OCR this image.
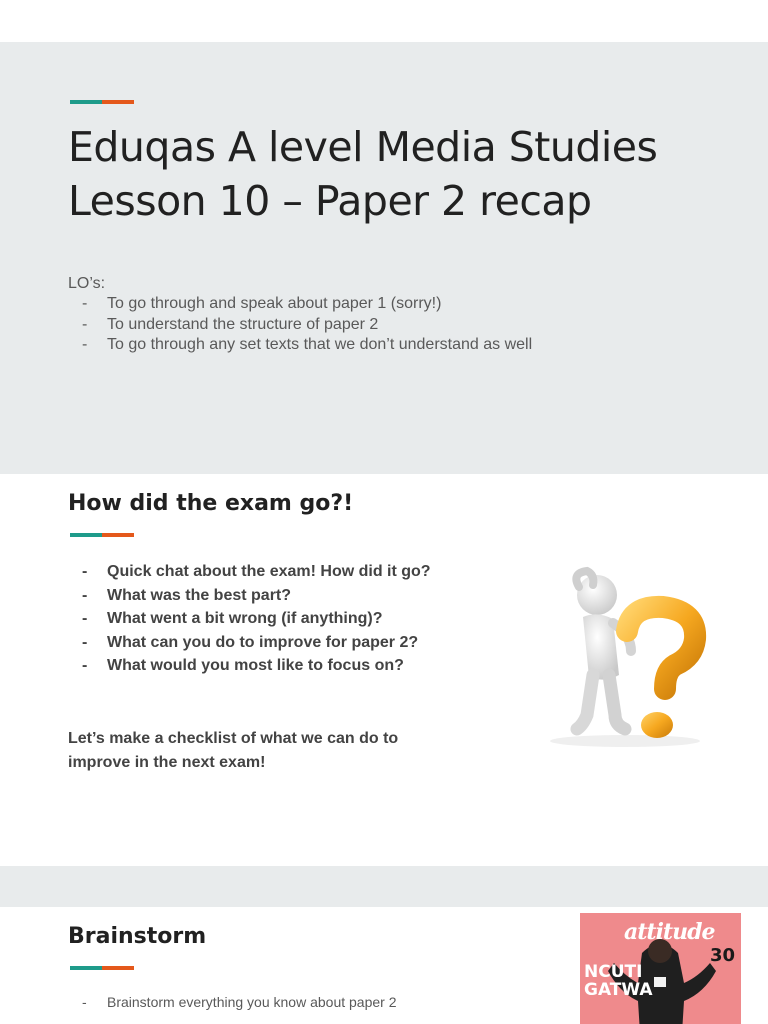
Eduqas A level Media Studies
Lesson 10 – Paper 2 recap
LO’s:
- To go through and speak about paper 1 (sorry!)
- To understand the structure of paper 2
- To go through any set texts that we don’t understand as well
How did the exam go?!
- Quick chat about the exam! How did it go?
- What was the best part?
- What went a bit wrong (if anything)?
- What can you do to improve for paper 2?
- What would you most like to focus on?
Let’s make a checklist of what we can do to
improve in the next exam!
Brainstorm
- Brainstorm everything you know about paper 2
attitude
30
NCUTI
GATWA
